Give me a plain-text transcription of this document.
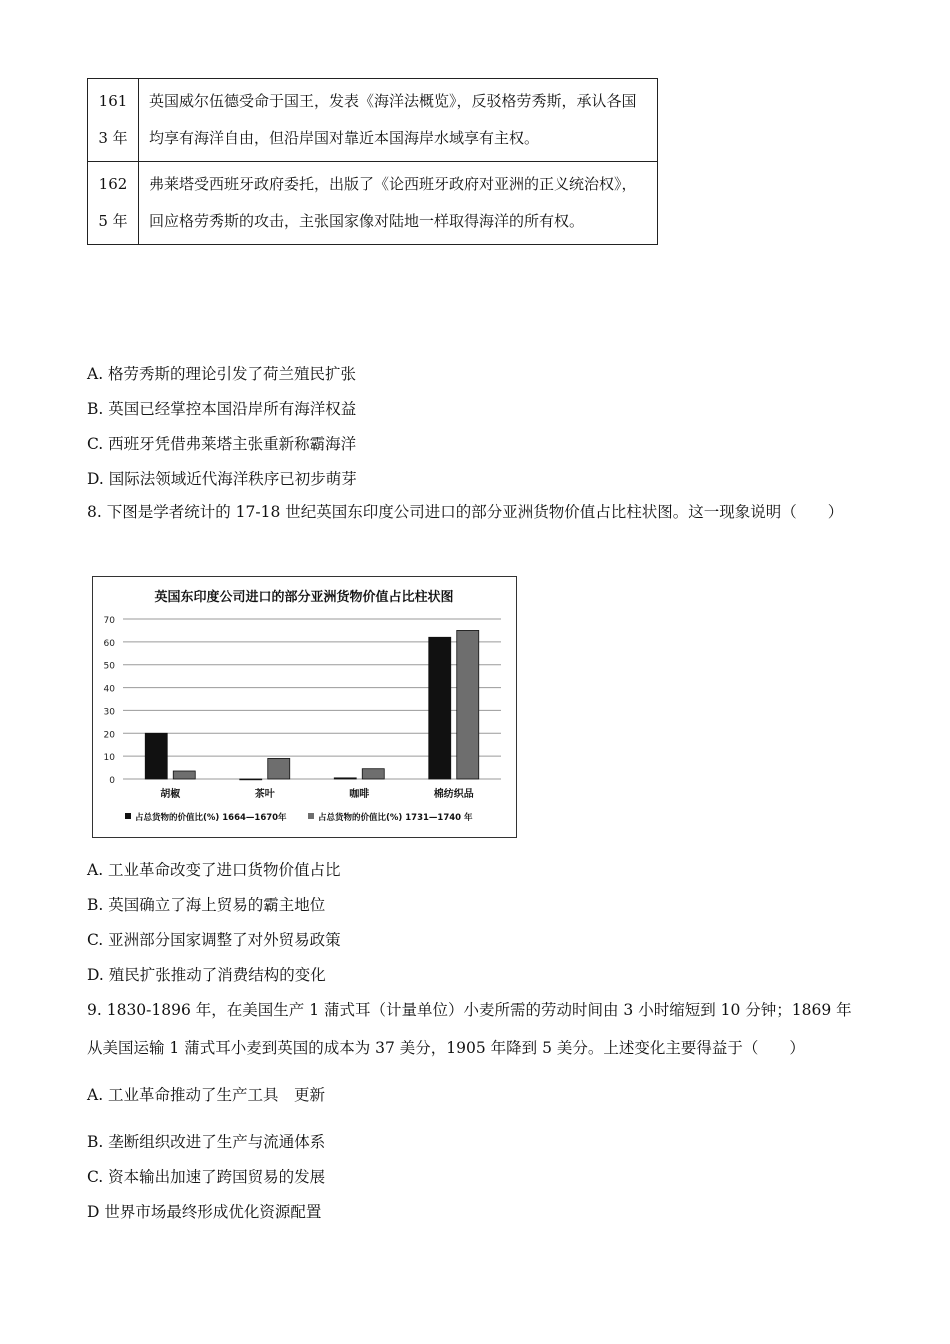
161
3 年	英国威尔伍德受命于国王，发表《海洋法概览》，反驳格劳秀斯，承认各国均享有海洋自由，但沿岸国对靠近本国海岸水域享有主权。
162
5 年	弗莱塔受西班牙政府委托，出版了《论西班牙政府对亚洲的正义统治权》，回应格劳秀斯的攻击，主张国家像对陆地一样取得海洋的所有权。
A. 格劳秀斯的理论引发了荷兰殖民扩张
B. 英国已经掌控本国沿岸所有海洋权益
C. 西班牙凭借弗莱塔主张重新称霸海洋
D. 国际法领域近代海洋秩序已初步萌芽
8. 下图是学者统计的 17-18 世纪英国东印度公司进口的部分亚洲货物价值占比柱状图。这一现象说明（　　）
英国东印度公司进口的部分亚洲货物价值占比柱状图
0
10
20
30
40
50
60
70
胡椒	茶叶	咖啡	棉纺织品
占总货物的价值比(%) 1664—1670年	占总货物的价值比(%) 1731—1740 年
A. 工业革命改变了进口货物价值占比
B. 英国确立了海上贸易的霸主地位
C. 亚洲部分国家调整了对外贸易政策
D. 殖民扩张推动了消费结构的变化
9. 1830-1896 年，在美国生产 1 蒲式耳（计量单位）小麦所需的劳动时间由 3 小时缩短到 10 分钟；1869 年
从美国运输 1 蒲式耳小麦到英国的成本为 37 美分，1905 年降到 5 美分。上述变化主要得益于（　　）
A. 工业革命推动了生产工具　更新
B. 垄断组织改进了生产与流通体系
C. 资本输出加速了跨国贸易的发展
D 世界市场最终形成优化资源配置
